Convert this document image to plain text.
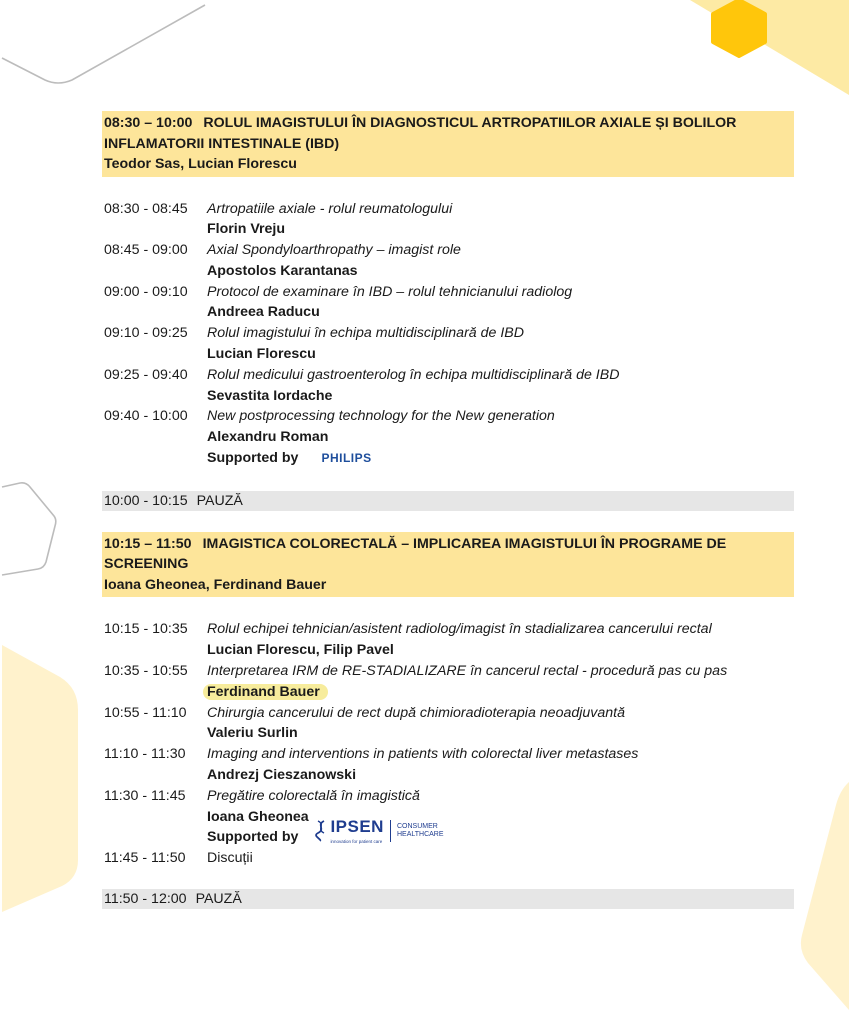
08:30 – 10:00 ROLUL IMAGISTULUI ÎN DIAGNOSTICUL ARTROPATIILOR AXIALE ȘI BOLILOR INFLAMATORII INTESTINALE (IBD)
Teodor Sas, Lucian Florescu
08:30 - 08:45	Artropatiile axiale - rolul reumatologului
Florin Vreju
08:45 - 09:00	Axial Spondyloarthropathy – imagist role
Apostolos Karantanas
09:00 - 09:10	Protocol de examinare în IBD – rolul tehnicianului radiolog
Andreea Raducu
09:10 - 09:25	Rolul imagistului în echipa multidisciplinară de IBD
Lucian Florescu
09:25 - 09:40	Rolul medicului gastroenterolog în echipa multidisciplinară de IBD
Sevastita Iordache
09:40 - 10:00	New postprocessing technology for the New generation
Alexandru Roman
Supported by PHILIPS
10:00 - 10:15 PAUZĂ
10:15 – 11:50 IMAGISTICA COLORECTALĂ – IMPLICAREA IMAGISTULUI ÎN PROGRAME DE SCREENING
Ioana Gheonea, Ferdinand Bauer
10:15 - 10:35	Rolul echipei tehnician/asistent radiolog/imagist în stadializarea cancerului rectal
Lucian Florescu, Filip Pavel
10:35 - 10:55	Interpretarea IRM de RE-STADIALIZARE în cancerul rectal - procedură pas cu pas
Ferdinand Bauer
10:55 - 11:10	Chirurgia cancerului de rect după chimioradioterapia neoadjuvantă
Valeriu Surlin
11:10 - 11:30	Imaging and interventions in patients with colorectal liver metastases
Andrezj Cieszanowski
11:30 - 11:45	Pregătire colorectală în imagistică
Ioana Gheonea
Supported by
IPSEN
innovation for patient care
CONSUMER
HEALTHCARE
11:45 - 11:50	Discuții
11:50 - 12:00 PAUZĂ
